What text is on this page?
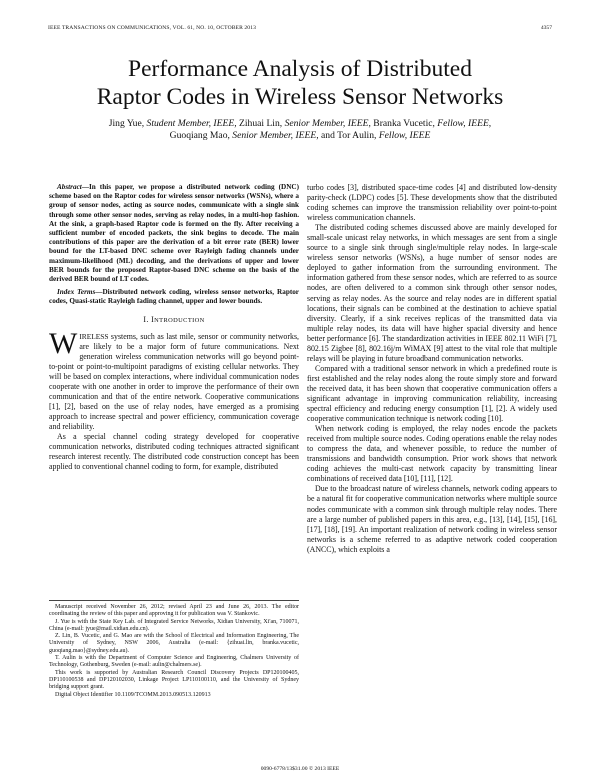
IEEE TRANSACTIONS ON COMMUNICATIONS, VOL. 61, NO. 10, OCTOBER 2013	4357
Performance Analysis of Distributed
Raptor Codes in Wireless Sensor Networks
Jing Yue, Student Member, IEEE, Zihuai Lin, Senior Member, IEEE, Branka Vucetic, Fellow, IEEE,
Guoqiang Mao, Senior Member, IEEE, and Tor Aulin, Fellow, IEEE

Abstract—In this paper, we propose a distributed network coding (DNC) scheme based on the Raptor codes for wireless sensor networks (WSNs), where a group of sensor nodes, acting as source nodes, communicate with a single sink through some other sensor nodes, serving as relay nodes, in a multi-hop fashion. At the sink, a graph-based Raptor code is formed on the fly. After receiving a sufficient number of encoded packets, the sink begins to decode. The main contributions of this paper are the derivation of a bit error rate (BER) lower bound for the LT-based DNC scheme over Rayleigh fading channels under maximum-likelihood (ML) decoding, and the derivations of upper and lower BER bounds for the proposed Raptor-based DNC scheme on the basis of the derived BER bound of LT codes.

Index Terms—Distributed network coding, wireless sensor networks, Raptor codes, Quasi-static Rayleigh fading channel, upper and lower bounds.

I. INTRODUCTION

WIRELESS systems, such as last mile, sensor or community networks, are likely to be a major form of future communications. Next generation wireless communication networks will go beyond point-to-point or point-to-multipoint paradigms of existing cellular networks. They will be based on complex interactions, where individual communication nodes cooperate with one another in order to improve the performance of their own communication and that of the entire network. Cooperative communications [1], [2], based on the use of relay nodes, have emerged as a promising approach to increase spectral and power efficiency, communication coverage and reliability.

As a special channel coding strategy developed for cooperative communication networks, distributed coding techniques attracted significant research interest recently. The distributed code construction concept has been applied to conventional channel coding to form, for example, distributed

Manuscript received November 26, 2012; revised April 23 and June 26, 2013. The editor coordinating the review of this paper and approving it for publication was V. Stankovic.

J. Yue is with the State Key Lab. of Integrated Service Networks, Xidian University, Xi'an, 710071, China (e-mail: jyue@mail.xidian.edu.cn).

Z. Lin, B. Vucetic, and G. Mao are with the School of Electrical and Information Engineering, The University of Sydney, NSW 2006, Australia (e-mail: {zihuai.lin, branka.vucetic, guoqiang.mao}@sydney.edu.au).

T. Aulin is with the Department of Computer Science and Engineering, Chalmers University of Technology, Gothenburg, Sweden (e-mail: aulin@chalmers.se).

This work is supported by Australian Research Council Discovery Projects DP120100405, DP110100538 and DP120102030, Linkage Project LP110100110, and the University of Sydney bridging support grant.

Digital Object Identifier 10.1109/TCOMM.2013.090513.120913

turbo codes [3], distributed space-time codes [4] and distributed low-density parity-check (LDPC) codes [5]. These developments show that the distributed coding schemes can improve the transmission reliability over point-to-point wireless communication channels.

The distributed coding schemes discussed above are mainly developed for small-scale unicast relay networks, in which messages are sent from a single source to a single sink through single/multiple relay nodes. In large-scale wireless sensor networks (WSNs), a huge number of sensor nodes are deployed to gather information from the surrounding environment. The information gathered from these sensor nodes, which are referred to as source nodes, are often delivered to a common sink through other sensor nodes, serving as relay nodes. As the source and relay nodes are in different spatial locations, their signals can be combined at the destination to achieve spatial diversity. Clearly, if a sink receives replicas of the transmitted data via multiple relay nodes, its data will have higher spacial diversity and hence better performance [6]. The standardization activities in IEEE 802.11 WiFi [7], 802.15 Zigbee [8], 802.16j/m WiMAX [9] attest to the vital role that multiple relays will be playing in future broadband communication networks.

Compared with a traditional sensor network in which a predefined route is first established and the relay nodes along the route simply store and forward the received data, it has been shown that cooperative communication offers a significant advantage in improving communication reliability, increasing spectral efficiency and reducing energy consumption [1], [2]. A widely used cooperative communication technique is network coding [10].

When network coding is employed, the relay nodes encode the packets received from multiple source nodes. Coding operations enable the relay nodes to compress the data, and whenever possible, to reduce the number of transmissions and bandwidth consumption. Prior work shows that network coding achieves the multi-cast network capacity by transmitting linear combinations of received data [10], [11], [12].

Due to the broadcast nature of wireless channels, network coding appears to be a natural fit for cooperative communication networks where multiple source nodes communicate with a common sink through multiple relay nodes. There are a large number of published papers in this area, e.g., [13], [14], [15], [16], [17], [18], [19]. An important realization of network coding in wireless sensor networks is a scheme referred to as adaptive network coded cooperation (ANCC), which exploits a

0090-6778/13$31.00 © 2013 IEEE
